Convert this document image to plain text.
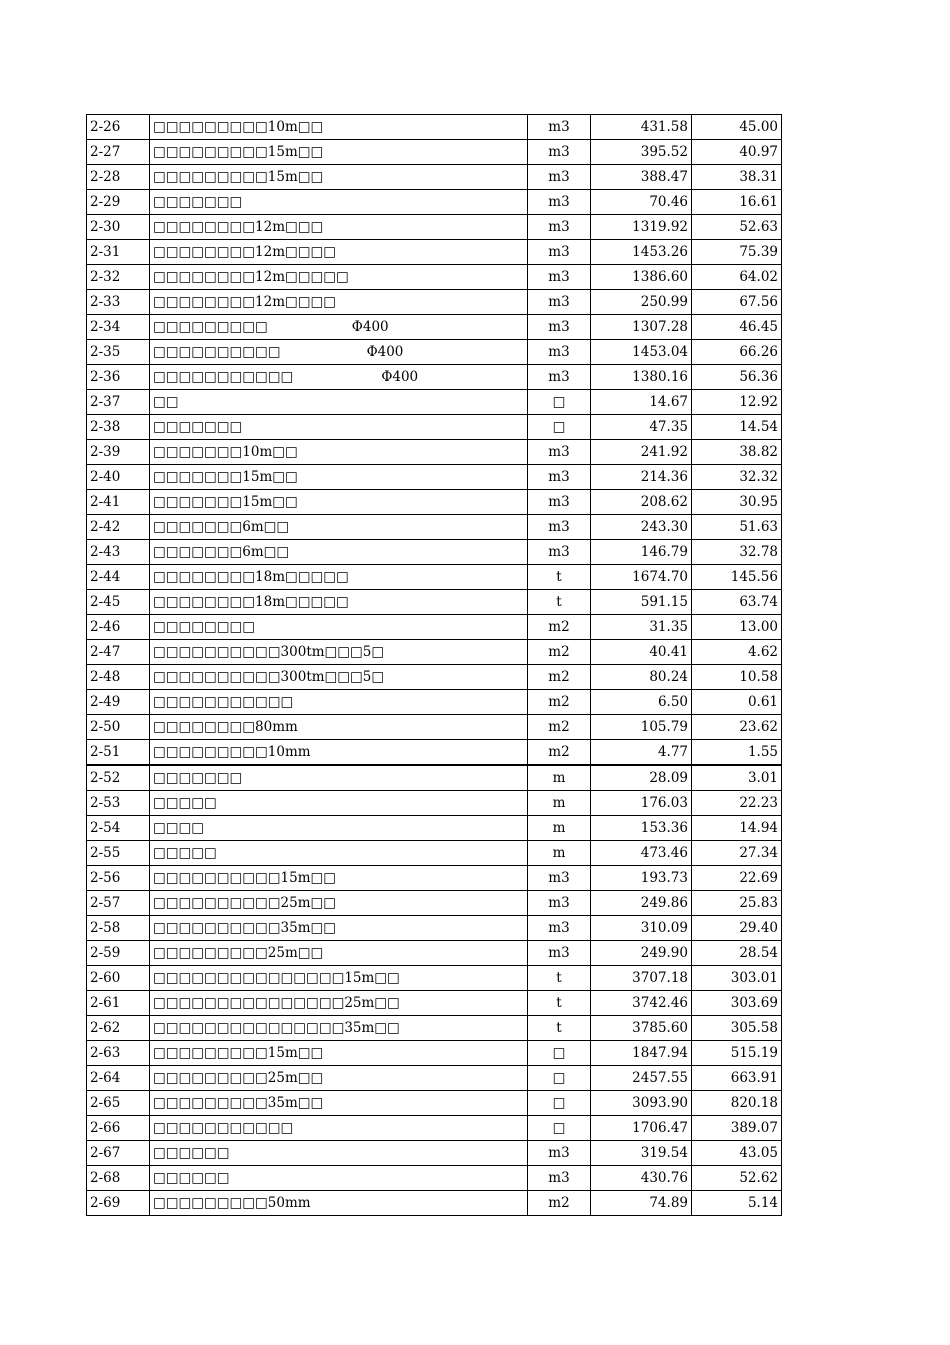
2-26	□□□□□□□□□10m□□	m3	431.58	45.00
2-27	□□□□□□□□□15m□□	m3	395.52	40.97
2-28	□□□□□□□□□15m□□	m3	388.47	38.31
2-29	□□□□□□□	m3	70.46	16.61
2-30	□□□□□□□□12m□□□	m3	1319.92	52.63
2-31	□□□□□□□□12m□□□□	m3	1453.26	75.39
2-32	□□□□□□□□12m□□□□□	m3	1386.60	64.02
2-33	□□□□□□□□12m□□□□	m3	250.99	67.56
2-34	□□□□□□□□□ Φ400	m3	1307.28	46.45
2-35	□□□□□□□□□□ Φ400	m3	1453.04	66.26
2-36	□□□□□□□□□□□ Φ400	m3	1380.16	56.36
2-37	□□	□	14.67	12.92
2-38	□□□□□□□	□	47.35	14.54
2-39	□□□□□□□10m□□	m3	241.92	38.82
2-40	□□□□□□□15m□□	m3	214.36	32.32
2-41	□□□□□□□15m□□	m3	208.62	30.95
2-42	□□□□□□□6m□□	m3	243.30	51.63
2-43	□□□□□□□6m□□	m3	146.79	32.78
2-44	□□□□□□□□18m□□□□□	t	1674.70	145.56
2-45	□□□□□□□□18m□□□□□	t	591.15	63.74
2-46	□□□□□□□□	m2	31.35	13.00
2-47	□□□□□□□□□□300tm□□□5□	m2	40.41	4.62
2-48	□□□□□□□□□□300tm□□□5□	m2	80.24	10.58
2-49	□□□□□□□□□□□	m2	6.50	0.61
2-50	□□□□□□□□80mm	m2	105.79	23.62
2-51	□□□□□□□□□10mm	m2	4.77	1.55
2-52	□□□□□□□	m	28.09	3.01
2-53	□□□□□	m	176.03	22.23
2-54	□□□□	m	153.36	14.94
2-55	□□□□□	m	473.46	27.34
2-56	□□□□□□□□□□15m□□	m3	193.73	22.69
2-57	□□□□□□□□□□25m□□	m3	249.86	25.83
2-58	□□□□□□□□□□35m□□	m3	310.09	29.40
2-59	□□□□□□□□□25m□□	m3	249.90	28.54
2-60	□□□□□□□□□□□□□□□15m□□	t	3707.18	303.01
2-61	□□□□□□□□□□□□□□□25m□□	t	3742.46	303.69
2-62	□□□□□□□□□□□□□□□35m□□	t	3785.60	305.58
2-63	□□□□□□□□□15m□□	□	1847.94	515.19
2-64	□□□□□□□□□25m□□	□	2457.55	663.91
2-65	□□□□□□□□□35m□□	□	3093.90	820.18
2-66	□□□□□□□□□□□	□	1706.47	389.07
2-67	□□□□□□	m3	319.54	43.05
2-68	□□□□□□	m3	430.76	52.62
2-69	□□□□□□□□□50mm	m2	74.89	5.14
